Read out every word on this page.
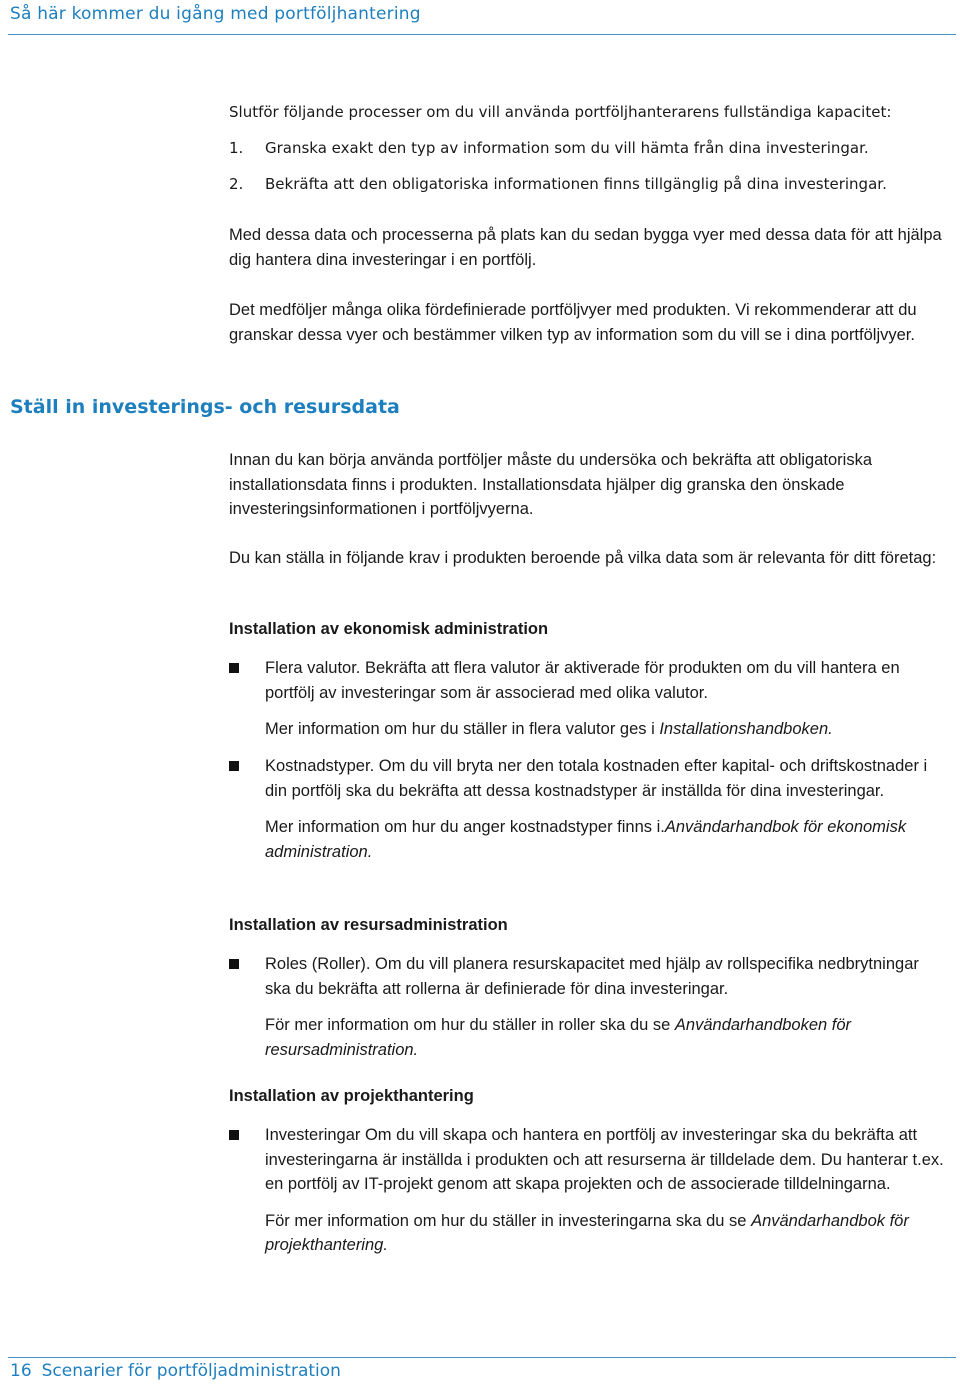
Så här kommer du igång med portföljhantering

Slutför följande processer om du vill använda portföljhanterarens fullständiga kapacitet:

1. Granska exakt den typ av information som du vill hämta från dina investeringar.
2. Bekräfta att den obligatoriska informationen finns tillgänglig på dina investeringar.

Med dessa data och processerna på plats kan du sedan bygga vyer med dessa data för att hjälpa dig hantera dina investeringar i en portfölj.

Det medföljer många olika fördefinierade portföljvyer med produkten. Vi rekommenderar att du granskar dessa vyer och bestämmer vilken typ av information som du vill se i dina portföljvyer.

Ställ in investerings- och resursdata

Innan du kan börja använda portföljer måste du undersöka och bekräfta att obligatoriska installationsdata finns i produkten. Installationsdata hjälper dig granska den önskade investeringsinformationen i portföljvyerna.

Du kan ställa in följande krav i produkten beroende på vilka data som är relevanta för ditt företag:

Installation av ekonomisk administration
Flera valutor. Bekräfta att flera valutor är aktiverade för produkten om du vill hantera en portfölj av investeringar som är associerad med olika valutor.
Mer information om hur du ställer in flera valutor ges i Installationshandboken.
Kostnadstyper. Om du vill bryta ner den totala kostnaden efter kapital- och driftskostnader i din portfölj ska du bekräfta att dessa kostnadstyper är inställda för dina investeringar.
Mer information om hur du anger kostnadstyper finns i.Användarhandbok för ekonomisk administration.
Installation av resursadministration
Roles (Roller). Om du vill planera resurskapacitet med hjälp av rollspecifika nedbrytningar ska du bekräfta att rollerna är definierade för dina investeringar.
För mer information om hur du ställer in roller ska du se Användarhandboken för resursadministration.
Installation av projekthantering
Investeringar Om du vill skapa och hantera en portfölj av investeringar ska du bekräfta att investeringarna är inställda i produkten och att resurserna är tilldelade dem. Du hanterar t.ex. en portfölj av IT-projekt genom att skapa projekten och de associerade tilldelningarna.
För mer information om hur du ställer in investeringarna ska du se Användarhandbok för projekthantering.
16 Scenarier för portföljadministration
